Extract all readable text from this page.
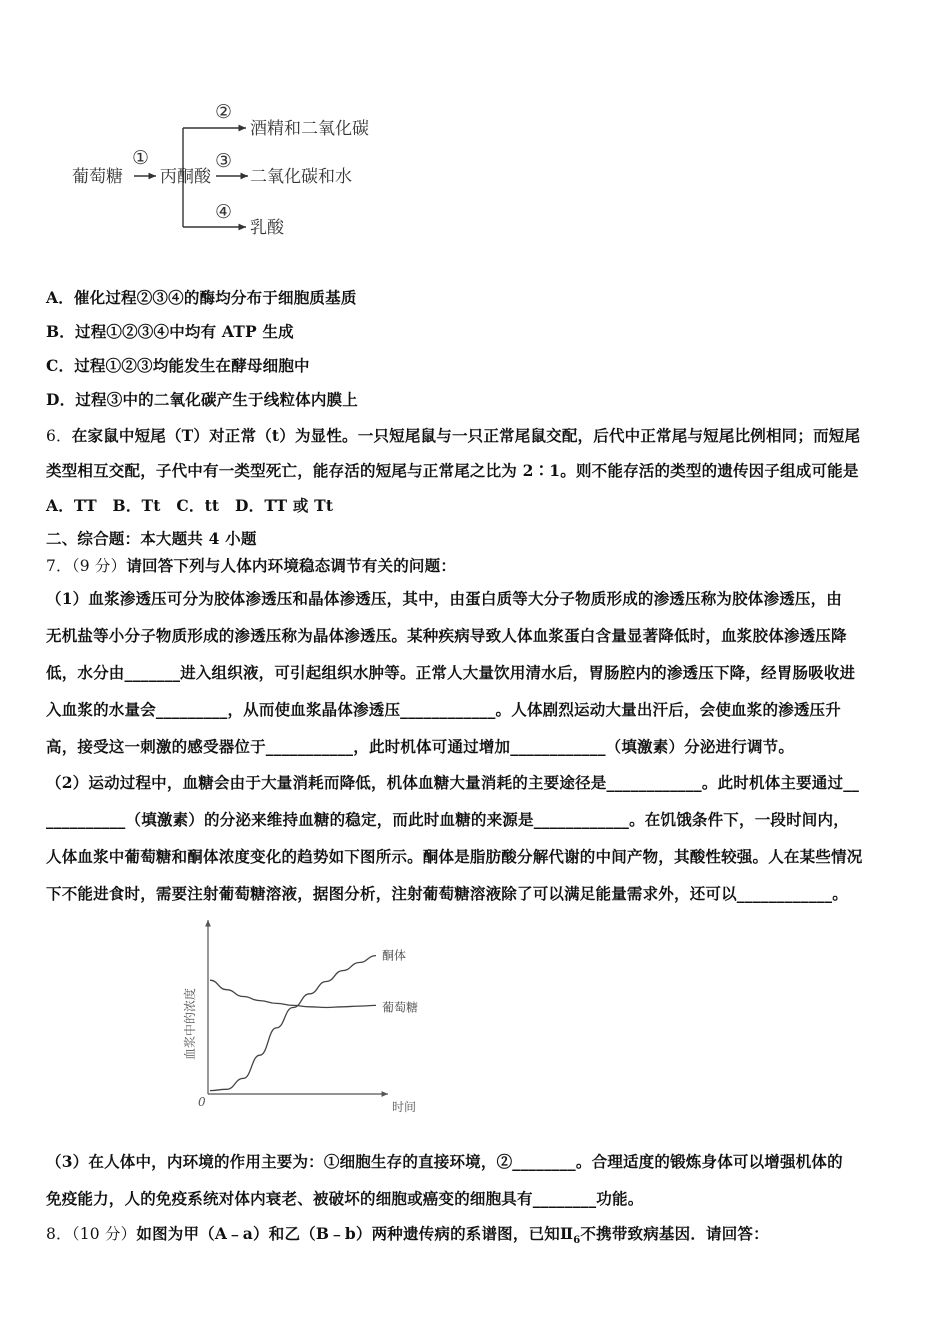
葡萄糖
①
丙酮酸
②
酒精和二氧化碳
③
二氧化碳和水
④
乳酸
A．催化过程②③④的酶均分布于细胞质基质
B．过程①②③④中均有 ATP 生成
C．过程①②③均能发生在酵母细胞中
D．过程③中的二氧化碳产生于线粒体内膜上
6．在家鼠中短尾（T）对正常（t）为显性。一只短尾鼠与一只正常尾鼠交配，后代中正常尾与短尾比例相同；而短尾
类型相互交配，子代中有一类型死亡，能存活的短尾与正常尾之比为 2∶1。则不能存活的类型的遗传因子组成可能是
A．TT　B．Tt　C．tt　D．TT 或 Tt
二、综合题：本大题共 4 小题
7．（9 分）请回答下列与人体内环境稳态调节有关的问题：
（1）血浆渗透压可分为胶体渗透压和晶体渗透压，其中，由蛋白质等大分子物质形成的渗透压称为胶体渗透压，由
无机盐等小分子物质形成的渗透压称为晶体渗透压。某种疾病导致人体血浆蛋白含量显著降低时，血浆胶体渗透压降
低，水分由_______进入组织液，可引起组织水肿等。正常人大量饮用清水后，胃肠腔内的渗透压下降，经胃肠吸收进
入血浆的水量会_________，从而使血浆晶体渗透压____________。人体剧烈运动大量出汗后，会使血浆的渗透压升
高，接受这一刺激的感受器位于___________，此时机体可通过增加____________（填激素）分泌进行调节。
（2）运动过程中，血糖会由于大量消耗而降低，机体血糖大量消耗的主要途径是____________。此时机体主要通过__
__________（填激素）的分泌来维持血糖的稳定，而此时血糖的来源是____________。在饥饿条件下，一段时间内，
人体血浆中葡萄糖和酮体浓度变化的趋势如下图所示。酮体是脂肪酸分解代谢的中间产物，其酸性较强。人在某些情况
下不能进食时，需要注射葡萄糖溶液，据图分析，注射葡萄糖溶液除了可以满足能量需求外，还可以____________。
酮体
葡萄糖
血浆中的浓度
时间
0
（3）在人体中，内环境的作用主要为：①细胞生存的直接环境，②________。合理适度的锻炼身体可以增强机体的
免疫能力，人的免疫系统对体内衰老、被破坏的细胞或癌变的细胞具有________功能。
8．（10 分）如图为甲（A﹣a）和乙（B﹣b）两种遗传病的系谱图，已知$Ⅱ_6$不携带致病基因．请回答：
